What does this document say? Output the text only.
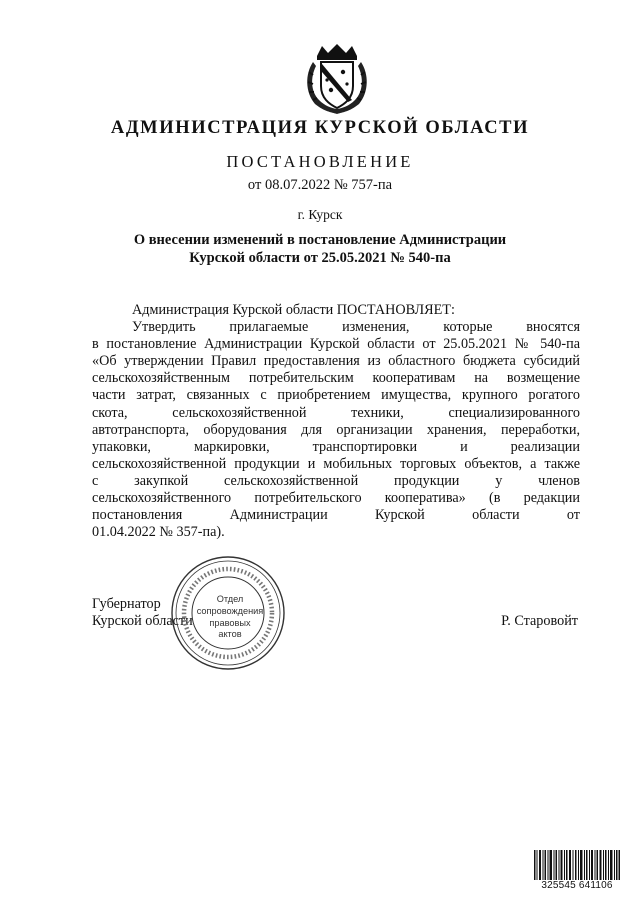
АДМИНИСТРАЦИЯ КУРСКОЙ ОБЛАСТИ
ПОСТАНОВЛЕНИЕ
от 08.07.2022 № 757-па
г. Курск
О внесении изменений в постановление Администрации
Курской области от 25.05.2021 № 540-па

Администрация Курской области ПОСТАНОВЛЯЕТ:

Утвердить прилагаемые изменения, которые вносятся

в постановление Администрации Курской области от 25.05.2021 № 540-па

«Об утверждении Правил предоставления из областного бюджета субсидий

сельскохозяйственным потребительским кооперативам на возмещение

части затрат, связанных с приобретением имущества, крупного рогатого

скота, сельскохозяйственной техники, специализированного

автотранспорта, оборудования для организации хранения, переработки,

упаковки, маркировки, транспортировки и реализации

сельскохозяйственной продукции и мобильных торговых объектов, а также

с закупкой сельскохозяйственной продукции у членов

сельскохозяйственного потребительского кооператива» (в редакции

постановления Администрации Курской области от

01.04.2022 № 357-па).

Губернатор
Курской области	Р. Старовойт
Отдел
сопровождения
правовых
актов
325545 641106
